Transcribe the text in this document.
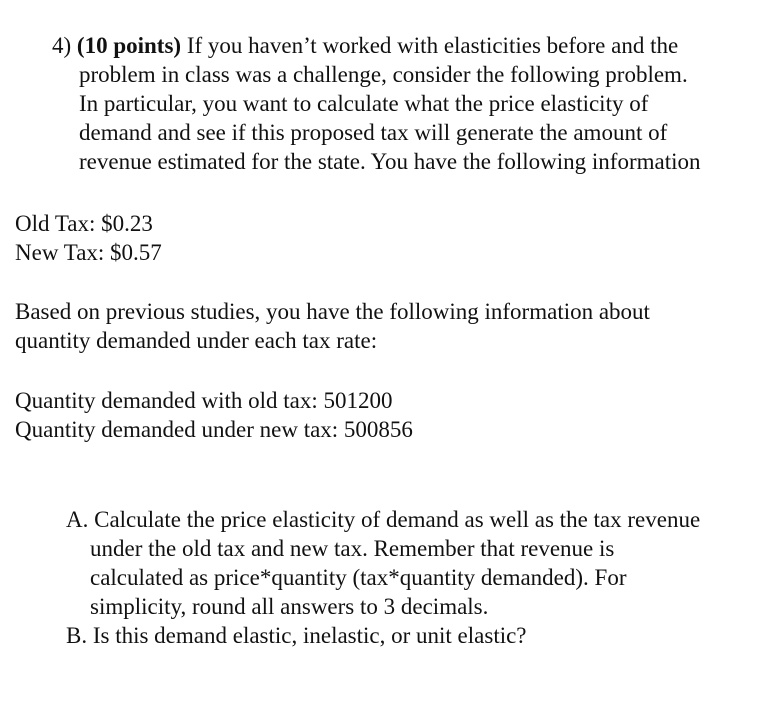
4) (10 points) If you haven’t worked with elasticities before and the
problem in class was a challenge, consider the following problem.
In particular, you want to calculate what the price elasticity of
demand and see if this proposed tax will generate the amount of
revenue estimated for the state. You have the following information
Old Tax: $0.23
New Tax: $0.57
Based on previous studies, you have the following information about
quantity demanded under each tax rate:
Quantity demanded with old tax: 501200
Quantity demanded under new tax: 500856
A. Calculate the price elasticity of demand as well as the tax revenue
under the old tax and new tax. Remember that revenue is
calculated as price*quantity (tax*quantity demanded). For
simplicity, round all answers to 3 decimals.
B. Is this demand elastic, inelastic, or unit elastic?
